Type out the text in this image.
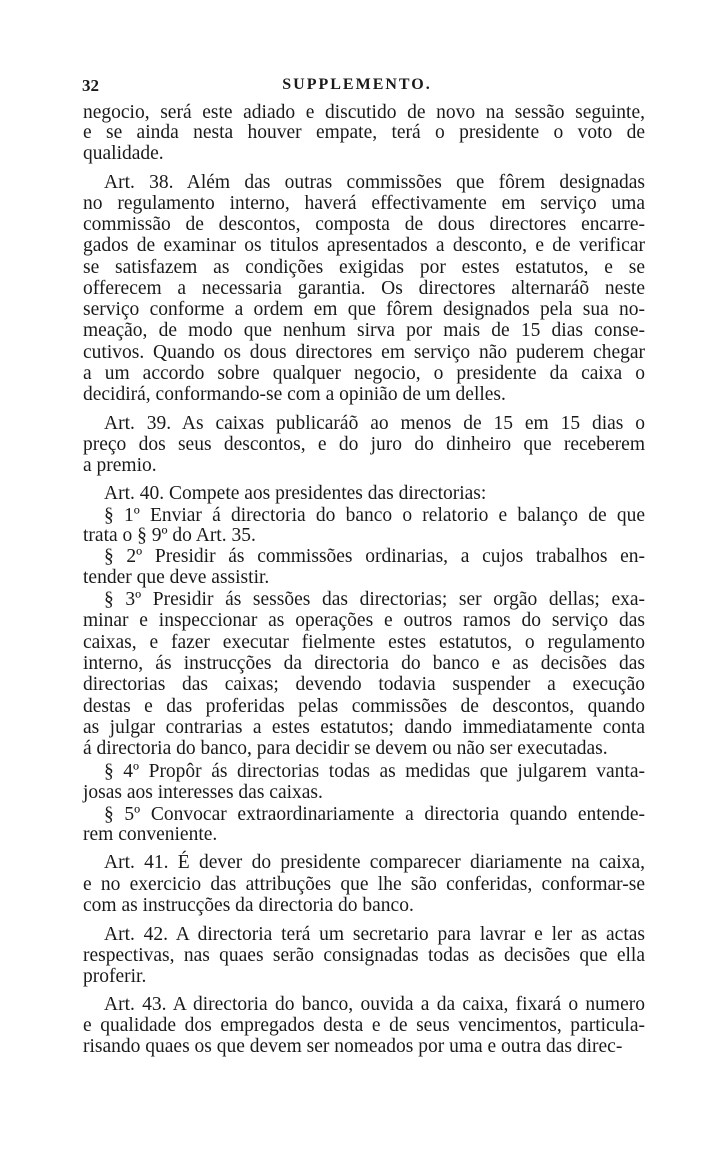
32	SUPPLEMENTO.
negocio, será este adiado e discutido de novo na sessão seguinte,
e se ainda nesta houver empate, terá o presidente o voto de
qualidade.
Art. 38. Além das outras commissões que fôrem designadas
no regulamento interno, haverá effectivamente em serviço uma
commissão de descontos, composta de dous directores encarre-
gados de examinar os titulos apresentados a desconto, e de verificar
se satisfazem as condições exigidas por estes estatutos, e se
offerecem a necessaria garantia. Os directores alternaráõ neste
serviço conforme a ordem em que fôrem designados pela sua no-
meação, de modo que nenhum sirva por mais de 15 dias conse-
cutivos. Quando os dous directores em serviço não puderem chegar
a um accordo sobre qualquer negocio, o presidente da caixa o
decidirá, conformando-se com a opinião de um delles.
Art. 39. As caixas publicaráõ ao menos de 15 em 15 dias o
preço dos seus descontos, e do juro do dinheiro que receberem
a premio.
Art. 40. Compete aos presidentes das directorias:
§ 1º Enviar á directoria do banco o relatorio e balanço de que
trata o § 9º do Art. 35.
§ 2º Presidir ás commissões ordinarias, a cujos trabalhos en-
tender que deve assistir.
§ 3º Presidir ás sessões das directorias; ser orgão dellas; exa-
minar e inspeccionar as operações e outros ramos do serviço das
caixas, e fazer executar fielmente estes estatutos, o regulamento
interno, ás instrucções da directoria do banco e as decisões das
directorias das caixas; devendo todavia suspender a execução
destas e das proferidas pelas commissões de descontos, quando
as julgar contrarias a estes estatutos; dando immediatamente conta
á directoria do banco, para decidir se devem ou não ser executadas.
§ 4º Propôr ás directorias todas as medidas que julgarem vanta-
josas aos interesses das caixas.
§ 5º Convocar extraordinariamente a directoria quando entende-
rem conveniente.
Art. 41. É dever do presidente comparecer diariamente na caixa,
e no exercicio das attribuções que lhe são conferidas, conformar-se
com as instrucções da directoria do banco.
Art. 42. A directoria terá um secretario para lavrar e ler as actas
respectivas, nas quaes serão consignadas todas as decisões que ella
proferir.
Art. 43. A directoria do banco, ouvida a da caixa, fixará o numero
e qualidade dos empregados desta e de seus vencimentos, particula-
risando quaes os que devem ser nomeados por uma e outra das direc-
